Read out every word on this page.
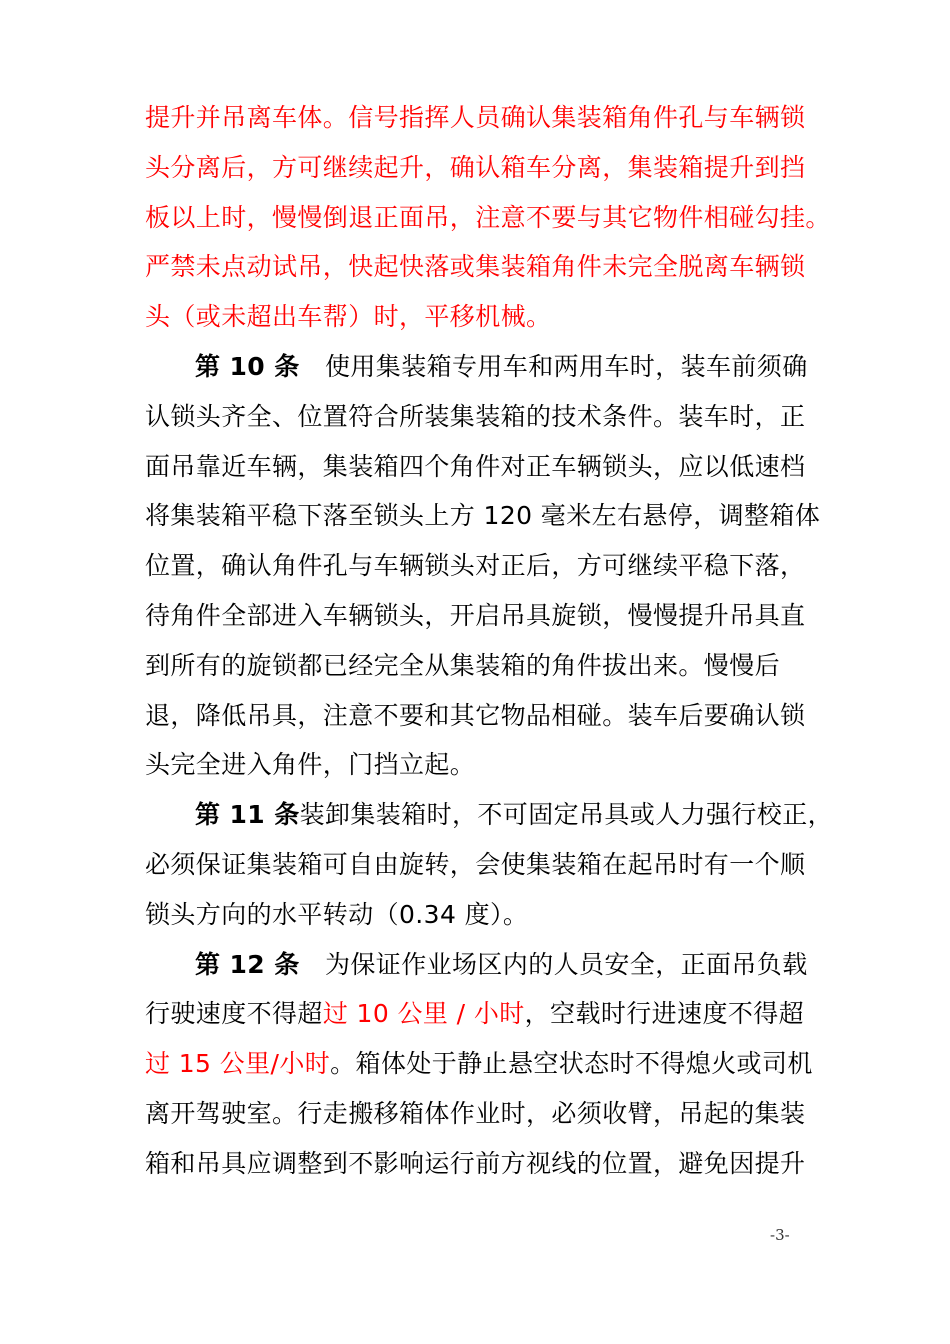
提升并吊离车体。信号指挥人员确认集装箱角件孔与车辆锁
头分离后，方可继续起升，确认箱车分离，集装箱提升到挡
板以上时，慢慢倒退正面吊，注意不要与其它物件相碰勾挂。
严禁未点动试吊，快起快落或集装箱角件未完全脱离车辆锁
头（或未超出车帮）时，平移机械。
第 10 条　使用集装箱专用车和两用车时，装车前须确
认锁头齐全、位置符合所装集装箱的技术条件。装车时，正
面吊靠近车辆，集装箱四个角件对正车辆锁头，应以低速档
将集装箱平稳下落至锁头上方 120 毫米左右悬停，调整箱体
位置，确认角件孔与车辆锁头对正后，方可继续平稳下落，
待角件全部进入车辆锁头，开启吊具旋锁，慢慢提升吊具直
到所有的旋锁都已经完全从集装箱的角件拔出来。慢慢后
退，降低吊具，注意不要和其它物品相碰。装车后要确认锁
头完全进入角件，门挡立起。
第 11 条装卸集装箱时，不可固定吊具或人力强行校正，
必须保证集装箱可自由旋转，会使集装箱在起吊时有一个顺
锁头方向的水平转动（0.34 度）。
第 12 条　为保证作业场区内的人员安全，正面吊负载
行驶速度不得超过 10 公里 / 小时，空载时行进速度不得超
过 15 公里/小时。箱体处于静止悬空状态时不得熄火或司机
离开驾驶室。行走搬移箱体作业时，必须收臂，吊起的集装
箱和吊具应调整到不影响运行前方视线的位置，避免因提升
-3-
